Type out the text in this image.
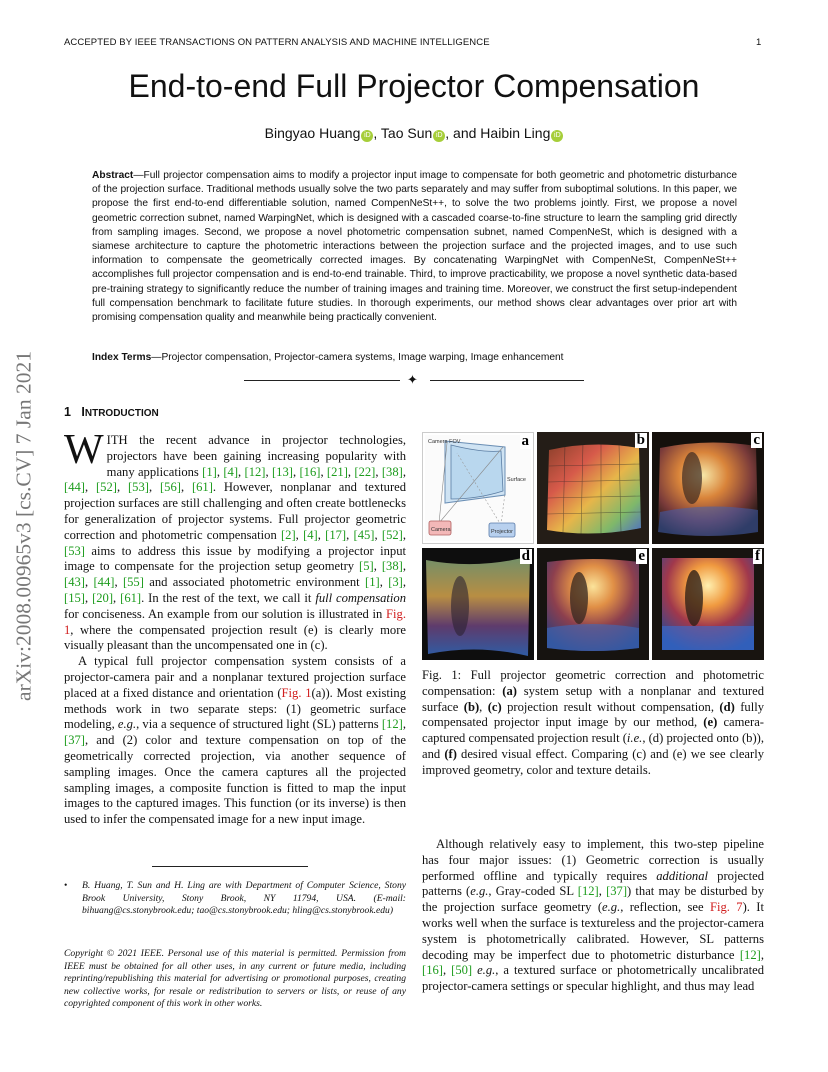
ACCEPTED BY IEEE TRANSACTIONS ON PATTERN ANALYSIS AND MACHINE INTELLIGENCE	1
arXiv:2008.00965v3 [cs.CV] 7 Jan 2021
End-to-end Full Projector Compensation
Bingyao Huang iD , Tao Sun iD , and Haibin Ling iD
Abstract—Full projector compensation aims to modify a projector input image to compensate for both geometric and photometric disturbance of the projection surface. Traditional methods usually solve the two parts separately and may suffer from suboptimal solutions. In this paper, we propose the first end-to-end differentiable solution, named CompenNeSt++, to solve the two problems jointly. First, we propose a novel geometric correction subnet, named WarpingNet, which is designed with a cascaded coarse-to-fine structure to learn the sampling grid directly from sampling images. Second, we propose a novel photometric compensation subnet, named CompenNeSt, which is designed with a siamese architecture to capture the photometric interactions between the projection surface and the projected images, and to use such information to compensate the geometrically corrected images. By concatenating WarpingNet with CompenNeSt, CompenNeSt++ accomplishes full projector compensation and is end-to-end trainable. Third, to improve practicability, we propose a novel synthetic data-based pre-training strategy to significantly reduce the number of training images and training time. Moreover, we construct the first setup-independent full compensation benchmark to facilitate future studies. In thorough experiments, our method shows clear advantages over prior art with promising compensation quality and meanwhile being practically convenient.
Index Terms—Projector compensation, Projector-camera systems, Image warping, Image enhancement
✦
1 INTRODUCTION
WITH the recent advance in projector technologies, projectors have been gaining increasing popularity with many applications [1], [4], [12], [13], [16], [21], [22], [38], [44], [52], [53], [56], [61]. However, nonplanar and textured projection surfaces are still challenging and often create bottlenecks for generalization of projector systems. Full projector geometric correction and photometric compensation [2], [4], [17], [45], [52], [53] aims to address this issue by modifying a projector input image to compensate for the projection setup geometry [5], [38], [43], [44], [55] and associated photometric environment [1], [3], [15], [20], [61]. In the rest of the text, we call it full compensation for conciseness. An example from our solution is illustrated in Fig. 1, where the compensated projection result (e) is clearly more visually pleasant than the uncompensated one in (c).
A typical full projector compensation system consists of a projector-camera pair and a nonplanar textured projection surface placed at a fixed distance and orientation (Fig. 1(a)). Most existing methods work in two separate steps: (1) geometric surface modeling, e.g., via a sequence of structured light (SL) patterns [12], [37], and (2) color and texture compensation on top of the geometrically corrected projection, via another sequence of sampling images. Once the camera captures all the projected sampling images, a composite function is fitted to map the input images to the captured images. This function (or its inverse) is then used to infer the compensated image for a new input image.
• B. Huang, T. Sun and H. Ling are with Department of Computer Science, Stony Brook University, Stony Brook, NY 11794, USA. (E-mail: bihuang@cs.stonybrook.edu; tao@cs.stonybrook.edu; hling@cs.stonybrook.edu)
Copyright © 2021 IEEE. Personal use of this material is permitted. Permission from IEEE must be obtained for all other uses, in any current or future media, including reprinting/republishing this material for advertising or promotional purposes, creating new collective works, for resale or redistribution to servers or lists, or reuse of any copyrighted component of this work in other works.
Camera FOV
Surface
Camera	Projector
a	b	c
d	e	f
Fig. 1: Full projector geometric correction and photometric compensation: (a) system setup with a nonplanar and textured surface (b), (c) projection result without compensation, (d) fully compensated projector input image by our method, (e) camera-captured compensated projection result (i.e., (d) projected onto (b)), and (f) desired visual effect. Comparing (c) and (e) we see clearly improved geometry, color and texture details.
Although relatively easy to implement, this two-step pipeline has four major issues: (1) Geometric correction is usually performed offline and typically requires additional projected patterns (e.g., Gray-coded SL [12], [37]) that may be disturbed by the projection surface geometry (e.g., reflection, see Fig. 7). It works well when the surface is textureless and the projector-camera system is photometrically calibrated. However, SL patterns decoding may be imperfect due to photometric disturbance [12], [16], [50] e.g., a textured surface or photometrically uncalibrated projector-camera settings or specular highlight, and thus may lead
